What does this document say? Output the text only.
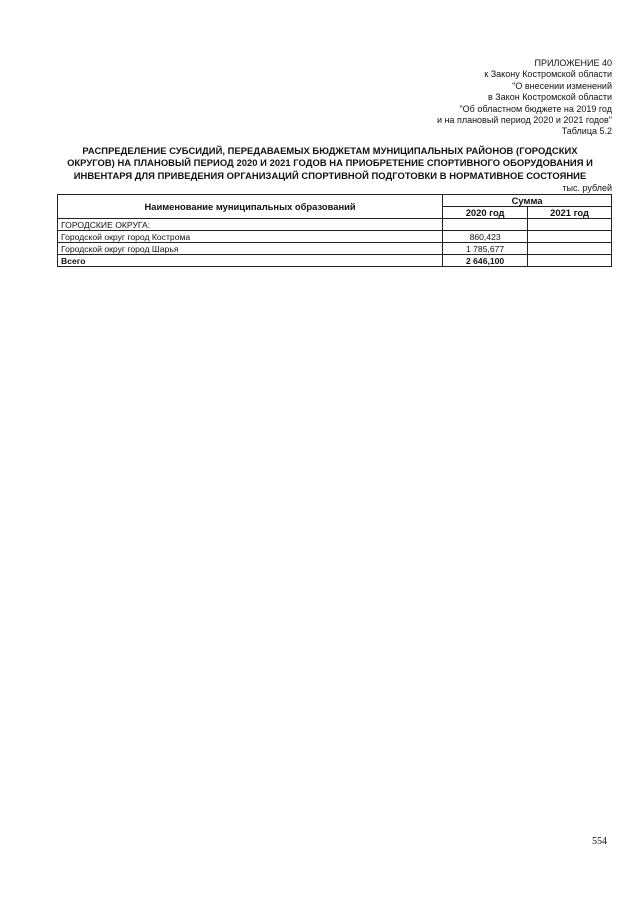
ПРИЛОЖЕНИЕ 40
к Закону Костромской области
"О внесении изменений
в Закон Костромской области
"Об областном бюджете на 2019 год
и на плановый период 2020 и 2021 годов"
Таблица 5.2
РАСПРЕДЕЛЕНИЕ СУБСИДИЙ, ПЕРЕДАВАЕМЫХ БЮДЖЕТАМ МУНИЦИПАЛЬНЫХ РАЙОНОВ (ГОРОДСКИХ
ОКРУГОВ) НА ПЛАНОВЫЙ ПЕРИОД 2020 И 2021 ГОДОВ НА ПРИОБРЕТЕНИЕ СПОРТИВНОГО ОБОРУДОВАНИЯ И
ИНВЕНТАРЯ ДЛЯ ПРИВЕДЕНИЯ ОРГАНИЗАЦИЙ СПОРТИВНОЙ ПОДГОТОВКИ В НОРМАТИВНОЕ СОСТОЯНИЕ
тыс. рублей
Наименование муниципальных образований	Сумма	
	2020 год	2021 год
ГОРОДСКИЕ ОКРУГА:		
Городской округ город Кострома	860,423	
Городской округ город Шарья	1 785,677	
Всего	2 646,100	
554
